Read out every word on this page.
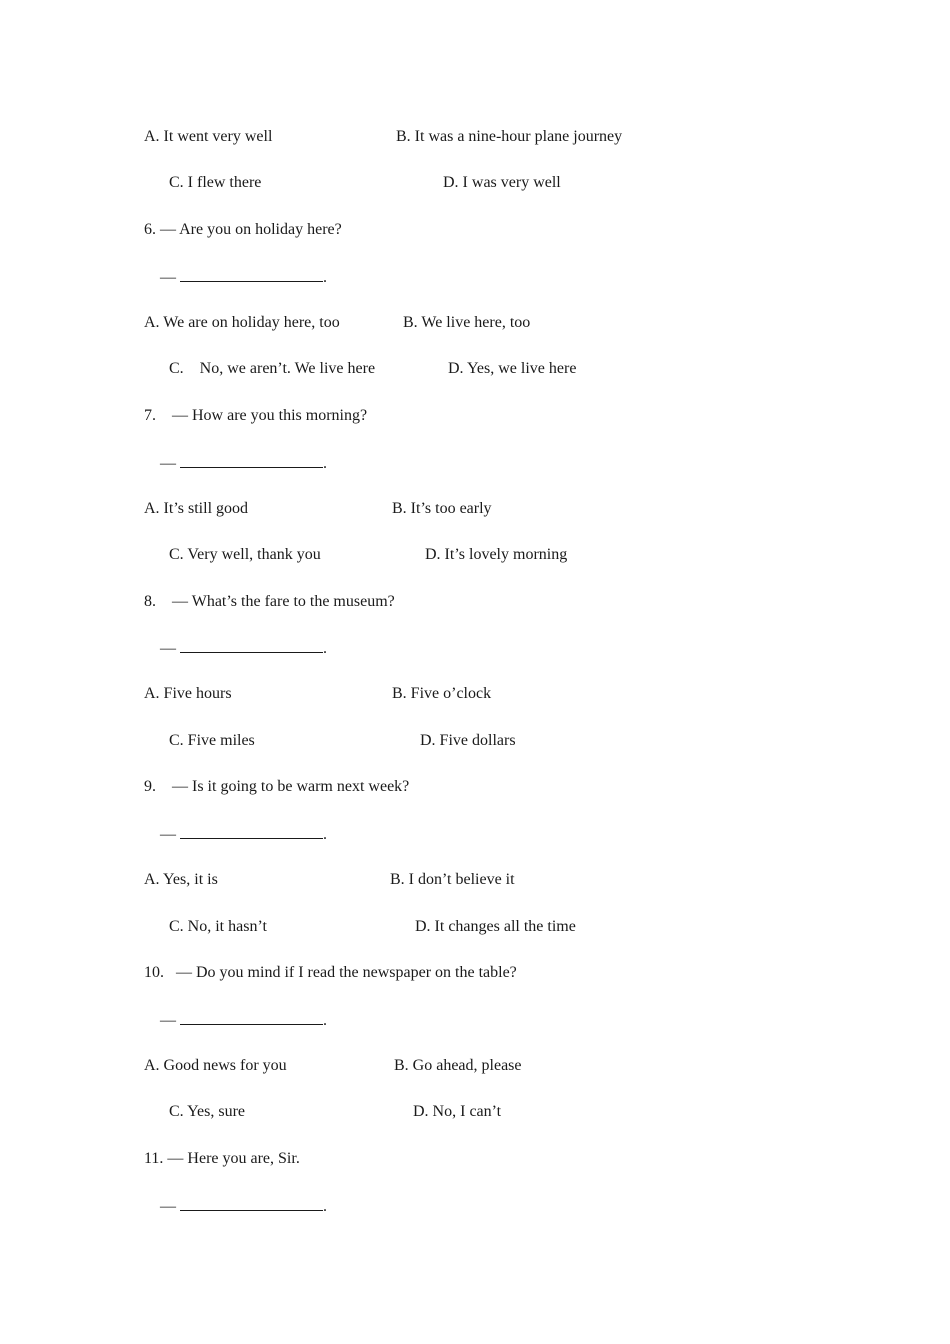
A. It went very well	B. It was a nine-hour plane journey
C. I flew there	D. I was very well
6. — Are you on holiday here?
—	.
A. We are on holiday here, too	B. We live here, too
C. No, we aren’t. We live here	D. Yes, we live here
7. — How are you this morning?
—	.
A. It’s still good	B. It’s too early
C. Very well, thank you	D. It’s lovely morning
8. — What’s the fare to the museum?
—	.
A. Five hours	B. Five o’clock
C. Five miles	D. Five dollars
9. — Is it going to be warm next week?
—	.
A. Yes, it is	B. I don’t believe it
C. No, it hasn’t	D. It changes all the time
10. — Do you mind if I read the newspaper on the table?
—	.
A. Good news for you	B. Go ahead, please
C. Yes, sure	D. No, I can’t
11. — Here you are, Sir.
—	.
